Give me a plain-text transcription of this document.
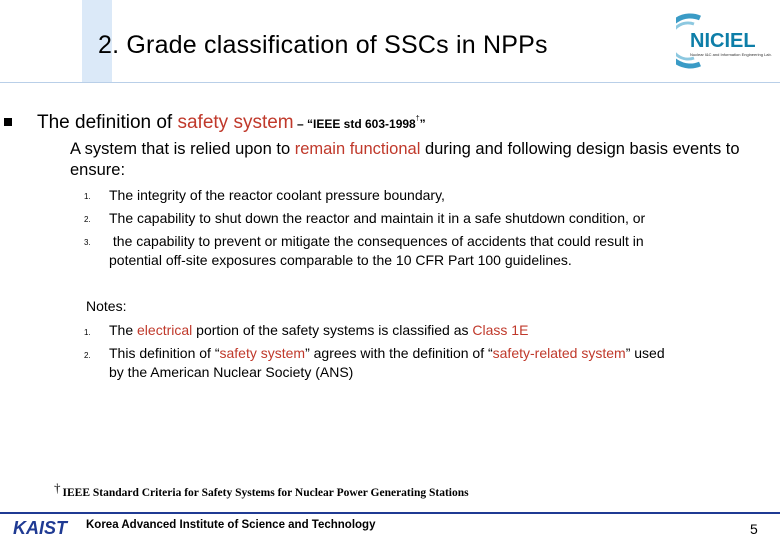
2. Grade classification of SSCs in NPPs	NICIEL
Nuclear I&C and Information Engineering Lab.
The definition of safety system – “IEEE std 603-1998†”
A system that is relied upon to remain functional during and following design basis events to ensure:
1. The integrity of the reactor coolant pressure boundary,
2. The capability to shut down the reactor and maintain it in a safe shutdown condition, or
3. the capability to prevent or mitigate the consequences of accidents that could result in
potential off-site exposures comparable to the 10 CFR Part 100 guidelines.
Notes:
1. The electrical portion of the safety systems is classified as Class 1E
2. This definition of “safety system” agrees with the definition of “safety-related system” used
by the American Nuclear Society (ANS)
† IEEE Standard Criteria for Safety Systems for Nuclear Power Generating Stations
KAIST Korea Advanced Institute of Science and Technology	5
